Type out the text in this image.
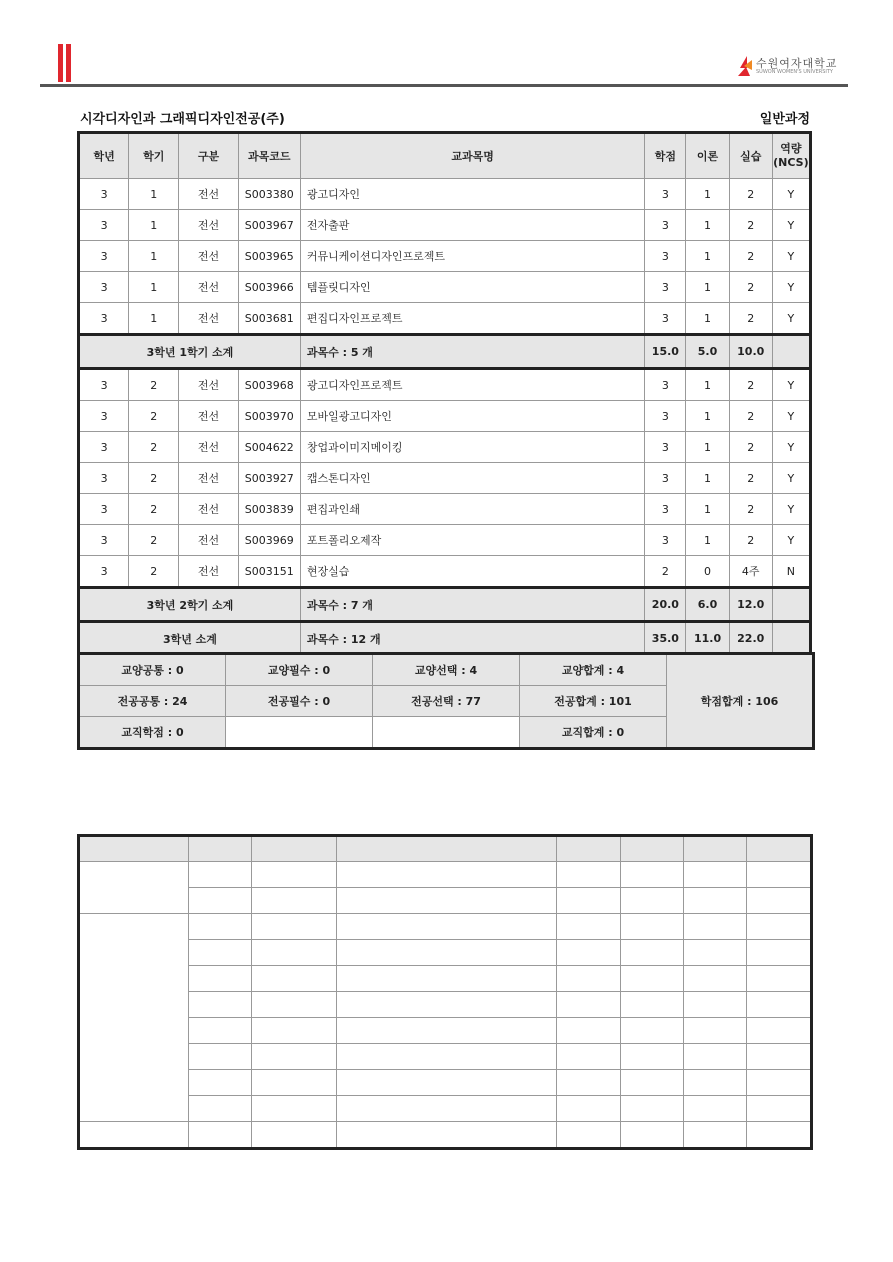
수원여자대학교
SUWON WOMEN'S UNIVERSITY
시각디자인과 그래픽디자인전공(주)	일반과정
학년	학기	구분	과목코드	교과목명	학점	이론	실습	역량
(NCS)

3	1	전선	S003380	광고디자인	3	1	2	Y
3	1	전선	S003967	전자출판	3	1	2	Y
3	1	전선	S003965	커뮤니케이션디자인프로젝트	3	1	2	Y
3	1	전선	S003966	템플릿디자인	3	1	2	Y
3	1	전선	S003681	편집디자인프로젝트	3	1	2	Y
3학년 1학기 소계				과목수 : 5 개	15.0	5.0	10.0	
3	2	전선	S003968	광고디자인프로젝트	3	1	2	Y
3	2	전선	S003970	모바일광고디자인	3	1	2	Y
3	2	전선	S004622	창업과이미지메이킹	3	1	2	Y
3	2	전선	S003927	캡스톤디자인	3	1	2	Y
3	2	전선	S003839	편집과인쇄	3	1	2	Y
3	2	전선	S003969	포트폴리오제작	3	1	2	Y
3	2	전선	S003151	현장실습	2	0	4주	N
3학년 2학기 소계				과목수 : 7 개	20.0	6.0	12.0	
3학년 소계				과목수 : 12 개	35.0	11.0	22.0	
교양공통 : 0	교양필수 : 0	교양선택 : 4	교양합계 : 4	학점합계 : 106
전공공통 : 24	전공필수 : 0	전공선택 : 77	전공합계 : 101	
교직학점 : 0			교직합계 : 0	
